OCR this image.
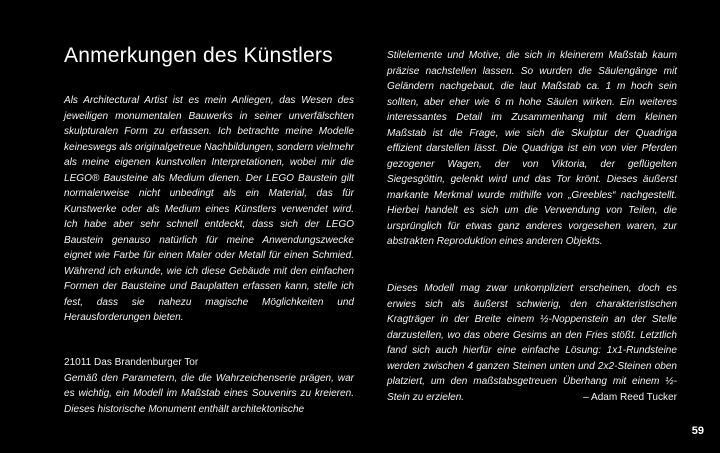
Anmerkungen des Künstlers

Als Architectural Artist ist es mein Anliegen, das Wesen des jeweiligen monumentalen Bauwerks in seiner unverfälschten skulpturalen Form zu erfassen. Ich betrachte meine Modelle keineswegs als originalgetreue Nachbildungen, sondern vielmehr als meine eigenen kunstvollen Interpretationen, wobei mir die LEGO® Bausteine als Medium dienen. Der LEGO Baustein gilt normalerweise nicht unbedingt als ein Material, das für Kunstwerke oder als Medium eines Künstlers verwendet wird. Ich habe aber sehr schnell entdeckt, dass sich der LEGO Baustein genauso natürlich für meine Anwendungszwecke eignet wie Farbe für einen Maler oder Metall für einen Schmied. Während ich erkunde, wie ich diese Gebäude mit den einfachen Formen der Bausteine und Bauplatten erfassen kann, stelle ich fest, dass sie nahezu magische Möglichkeiten und Herausforderungen bieten.

21011 Das Brandenburger Tor

Gemäß den Parametern, die die Wahrzeichenserie prägen, war es wichtig, ein Modell im Maßstab eines Souvenirs zu kreieren. Dieses historische Monument enthält architektonische

Stilelemente und Motive, die sich in kleinerem Maßstab kaum präzise nachstellen lassen. So wurden die Säulengänge mit Geländern nachgebaut, die laut Maßstab ca. 1 m hoch sein sollten, aber eher wie 6 m hohe Säulen wirken. Ein weiteres interessantes Detail im Zusammenhang mit dem kleinen Maßstab ist die Frage, wie sich die Skulptur der Quadriga effizient darstellen lässt. Die Quadriga ist ein von vier Pferden gezogener Wagen, der von Viktoria, der geflügelten Siegesgöttin, gelenkt wird und das Tor krönt. Dieses äußerst markante Merkmal wurde mithilfe von „Greebles“ nachgestellt. Hierbei handelt es sich um die Verwendung von Teilen, die ursprünglich für etwas ganz anderes vorgesehen waren, zur abstrakten Reproduktion eines anderen Objekts.

Dieses Modell mag zwar unkompliziert erscheinen, doch es erwies sich als äußerst schwierig, den charakteristischen Kragträger in der Breite einem ½-Noppenstein an der Stelle darzustellen, wo das obere Gesims an den Fries stößt. Letztlich fand sich auch hierfür eine einfache Lösung: 1x1-Rundsteine werden zwischen 4 ganzen Steinen unten und 2x2-Steinen oben platziert, um den maßstabsgetreuen Überhang mit einem ½-Stein zu erzielen.	– Adam Reed Tucker

59
